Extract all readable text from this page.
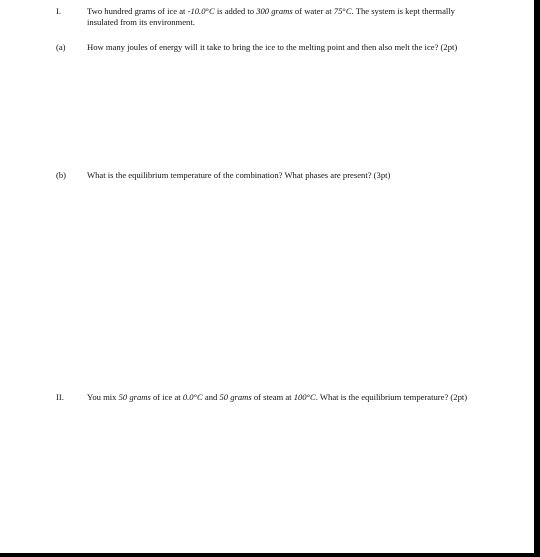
I.	Two hundred grams of ice at -10.0°C is added to 300 grams of water at 75°C. The system is kept thermally insulated from its environment.
(a)	How many joules of energy will it take to bring the ice to the melting point and then also melt the ice? (2pt)
(b)	What is the equilibrium temperature of the combination? What phases are present? (3pt)
II.	You mix 50 grams of ice at 0.0°C and 50 grams of steam at 100°C. What is the equilibrium temperature? (2pt)
